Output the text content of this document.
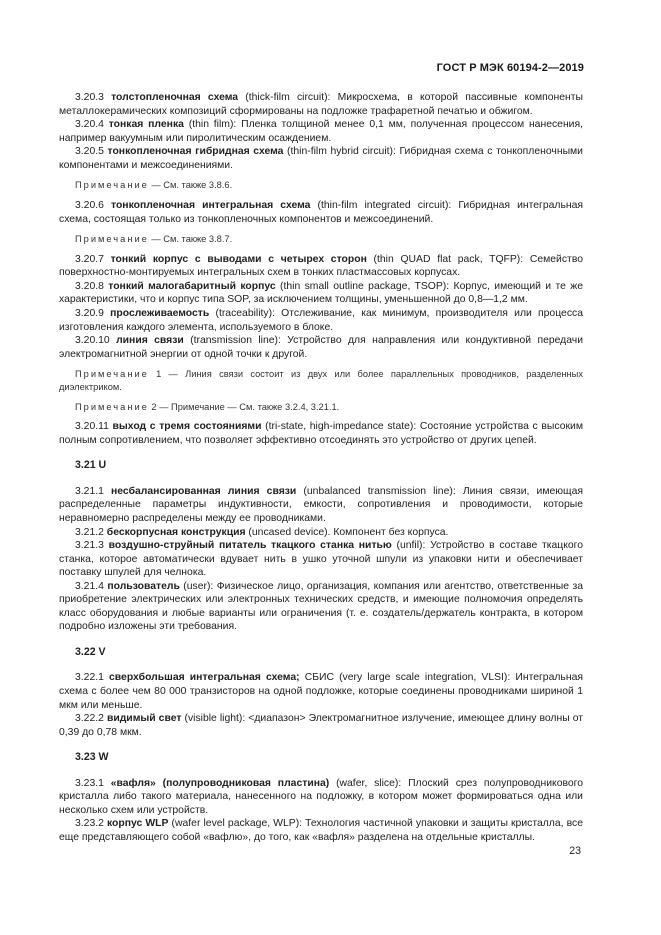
ГОСТ Р МЭК 60194-2—2019

3.20.3 толстопленочная схема (thick-film circuit): Микросхема, в которой пассивные компоненты металлокерамических композиций сформированы на подложке трафаретной печатью и обжигом.

3.20.4 тонкая пленка (thin film): Пленка толщиной менее 0,1 мм, полученная процессом нанесения, например вакуумным или пиролитическим осаждением.

3.20.5 тонкопленочная гибридная схема (thin-film hybrid circuit): Гибридная схема с тонкопленочными компонентами и межсоединениями.

Примечание — См. также 3.8.6.

3.20.6 тонкопленочная интегральная схема (thin-film integrated circuit): Гибридная интегральная схема, состоящая только из тонкопленочных компонентов и межсоединений.

Примечание — См. также 3.8.7.

3.20.7 тонкий корпус с выводами с четырех сторон (thin QUAD flat pack, TQFP): Семейство поверхностно-монтируемых интегральных схем в тонких пластмассовых корпусах.

3.20.8 тонкий малогабаритный корпус (thin small outline package, TSOP): Корпус, имеющий и те же характеристики, что и корпус типа SOP, за исключением толщины, уменьшенной до 0,8—1,2 мм.

3.20.9 прослеживаемость (traceability): Отслеживание, как минимум, производителя или процесса изготовления каждого элемента, используемого в блоке.

3.20.10 линия связи (transmission line): Устройство для направления или кондуктивной передачи электромагнитной энергии от одной точки к другой.

Примечание 1 — Линия связи состоит из двух или более параллельных проводников, разделенных диэлектриком.

Примечание 2 — Примечание — См. также 3.2.4, 3.21.1.

3.20.11 выход с тремя состояниями (tri-state, high-impedance state): Состояние устройства с высоким полным сопротивлением, что позволяет эффективно отсоединять это устройство от других цепей.

3.21 U

3.21.1 несбалансированная линия связи (unbalanced transmission line): Линия связи, имеющая распределенные параметры индуктивности, емкости, сопротивления и проводимости, которые неравномерно распределены между ее проводниками.

3.21.2 бескорпусная конструкция (uncased device). Компонент без корпуса.

3.21.3 воздушно-струйный питатель ткацкого станка нитью (unfil): Устройство в составе ткацкого станка, которое автоматически вдувает нить в ушко уточной шпули из упаковки нити и обеспечивает поставку шпулей для челнока.

3.21.4 пользователь (user): Физическое лицо, организация, компания или агентство, ответственные за приобретение электрических или электронных технических средств, и имеющие полномочия определять класс оборудования и любые варианты или ограничения (т. е. создатель/держатель контракта, в котором подробно изложены эти требования.

3.22 V

3.22.1 сверхбольшая интегральная схема; СБИС (very large scale integration, VLSI): Интегральная схема с более чем 80 000 транзисторов на одной подложке, которые соединены проводниками шириной 1 мкм или меньше.

3.22.2 видимый свет (visible light): <диапазон> Электромагнитное излучение, имеющее длину волны от 0,39 до 0,78 мкм.

3.23 W

3.23.1 «вафля» (полупроводниковая пластина) (wafer, slice): Плоский срез полупроводникового кристалла либо такого материала, нанесенного на подложку, в котором может формироваться одна или несколько схем или устройств.

3.23.2 корпус WLP (wafer level package, WLP): Технология частичной упаковки и защиты кристалла, все еще представляющего собой «вафлю», до того, как «вафля» разделена на отдельные кристаллы.

23
